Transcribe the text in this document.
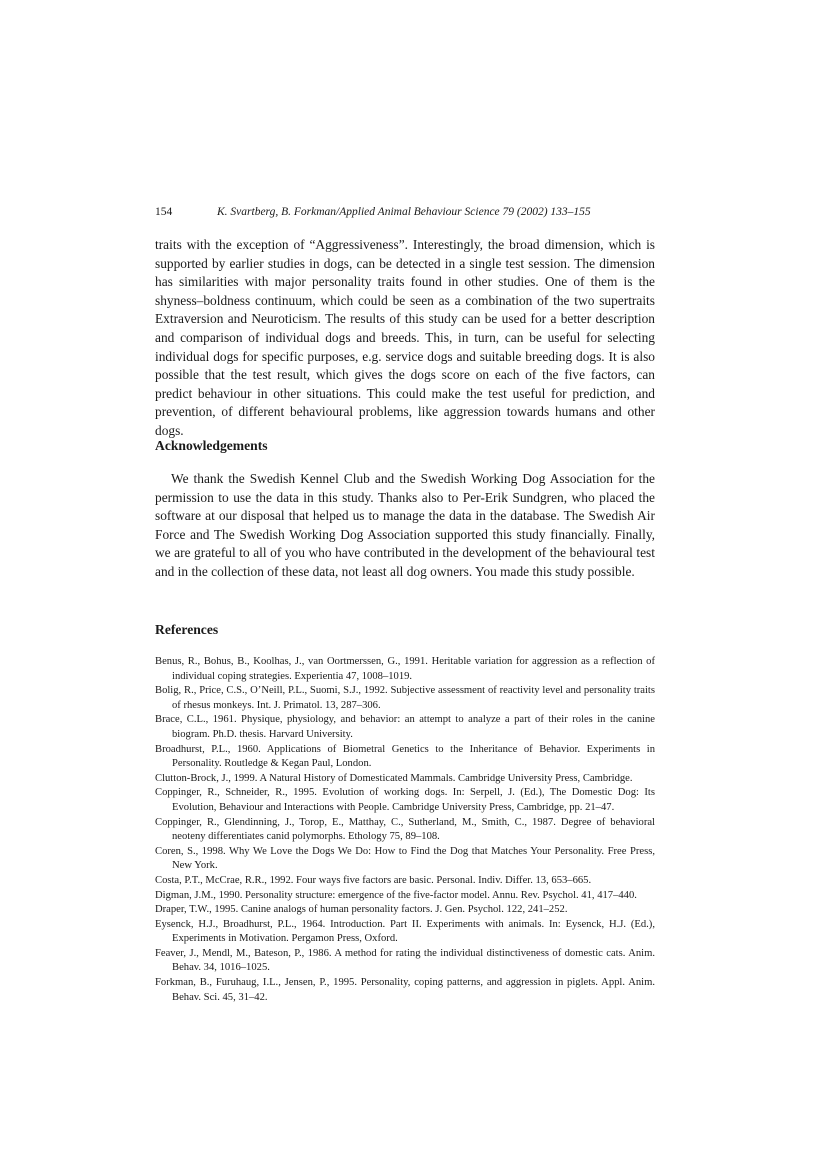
154	K. Svartberg, B. Forkman/Applied Animal Behaviour Science 79 (2002) 133–155

traits with the exception of “Aggressiveness”. Interestingly, the broad dimension, which is supported by earlier studies in dogs, can be detected in a single test session. The dimension has similarities with major personality traits found in other studies. One of them is the shyness–boldness continuum, which could be seen as a combination of the two supertraits Extraversion and Neuroticism. The results of this study can be used for a better description and comparison of individual dogs and breeds. This, in turn, can be useful for selecting individual dogs for specific purposes, e.g. service dogs and suitable breeding dogs. It is also possible that the test result, which gives the dogs score on each of the five factors, can predict behaviour in other situations. This could make the test useful for prediction, and prevention, of different behavioural problems, like aggression towards humans and other dogs.

Acknowledgements

We thank the Swedish Kennel Club and the Swedish Working Dog Association for the permission to use the data in this study. Thanks also to Per-Erik Sundgren, who placed the software at our disposal that helped us to manage the data in the database. The Swedish Air Force and The Swedish Working Dog Association supported this study financially. Finally, we are grateful to all of you who have contributed in the development of the behavioural test and in the collection of these data, not least all dog owners. You made this study possible.

References
Benus, R., Bohus, B., Koolhas, J., van Oortmerssen, G., 1991. Heritable variation for aggression as a reflection of individual coping strategies. Experientia 47, 1008–1019.
Bolig, R., Price, C.S., O’Neill, P.L., Suomi, S.J., 1992. Subjective assessment of reactivity level and personality traits of rhesus monkeys. Int. J. Primatol. 13, 287–306.
Brace, C.L., 1961. Physique, physiology, and behavior: an attempt to analyze a part of their roles in the canine biogram. Ph.D. thesis. Harvard University.
Broadhurst, P.L., 1960. Applications of Biometral Genetics to the Inheritance of Behavior. Experiments in Personality. Routledge & Kegan Paul, London.
Clutton-Brock, J., 1999. A Natural History of Domesticated Mammals. Cambridge University Press, Cambridge.
Coppinger, R., Schneider, R., 1995. Evolution of working dogs. In: Serpell, J. (Ed.), The Domestic Dog: Its Evolution, Behaviour and Interactions with People. Cambridge University Press, Cambridge, pp. 21–47.
Coppinger, R., Glendinning, J., Torop, E., Matthay, C., Sutherland, M., Smith, C., 1987. Degree of behavioral neoteny differentiates canid polymorphs. Ethology 75, 89–108.
Coren, S., 1998. Why We Love the Dogs We Do: How to Find the Dog that Matches Your Personality. Free Press, New York.
Costa, P.T., McCrae, R.R., 1992. Four ways five factors are basic. Personal. Indiv. Differ. 13, 653–665.
Digman, J.M., 1990. Personality structure: emergence of the five-factor model. Annu. Rev. Psychol. 41, 417–440.
Draper, T.W., 1995. Canine analogs of human personality factors. J. Gen. Psychol. 122, 241–252.
Eysenck, H.J., Broadhurst, P.L., 1964. Introduction. Part II. Experiments with animals. In: Eysenck, H.J. (Ed.), Experiments in Motivation. Pergamon Press, Oxford.
Feaver, J., Mendl, M., Bateson, P., 1986. A method for rating the individual distinctiveness of domestic cats. Anim. Behav. 34, 1016–1025.
Forkman, B., Furuhaug, I.L., Jensen, P., 1995. Personality, coping patterns, and aggression in piglets. Appl. Anim. Behav. Sci. 45, 31–42.
